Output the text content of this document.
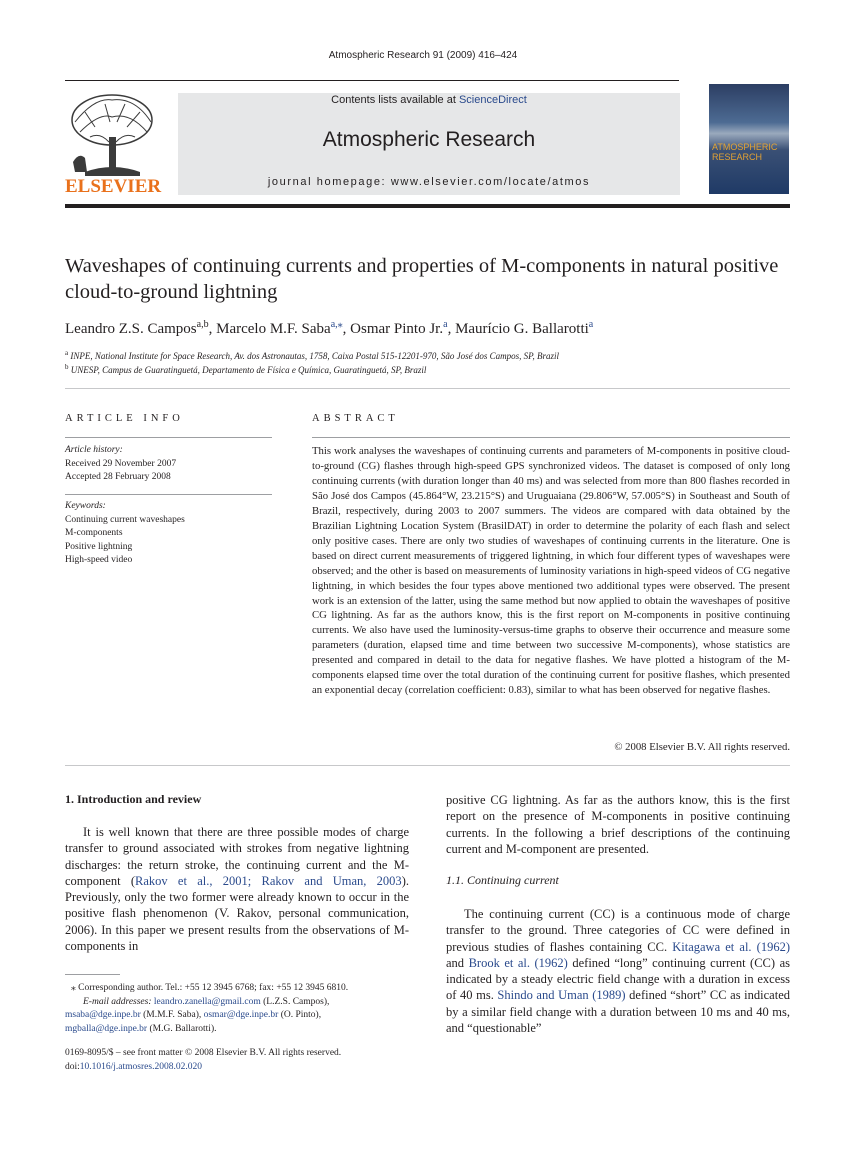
Atmospheric Research 91 (2009) 416–424
ELSEVIER
Contents lists available at ScienceDirect
Atmospheric Research
journal homepage: www.elsevier.com/locate/atmos
ATMOSPHERIC
RESEARCH
Waveshapes of continuing currents and properties of M-components in natural positive cloud-to-ground lightning
Leandro Z.S. Campos$^{a,b}$, Marcelo M.F. Saba$^{a,⁎}$, Osmar Pinto Jr.$^a$, Maurício G. Ballarotti$^a$
$^a$ INPE, National Institute for Space Research, Av. dos Astronautas, 1758, Caixa Postal 515-12201-970, São José dos Campos, SP, Brazil
$^b$ UNESP, Campus de Guaratinguetá, Departamento de Física e Química, Guaratinguetá, SP, Brazil
ARTICLE INFO	ABSTRACT
Article history:
Received 29 November 2007
Accepted 28 February 2008
Keywords:
Continuing current waveshapes
M-components
Positive lightning
High-speed video
This work analyses the waveshapes of continuing currents and parameters of M-components in positive cloud-to-ground (CG) flashes through high-speed GPS synchronized videos. The dataset is composed of only long continuing currents (with duration longer than 40 ms) and was selected from more than 800 flashes recorded in São José dos Campos (45.864°W, 23.215°S) and Uruguaiana (29.806°W, 57.005°S) in Southeast and South of Brazil, respectively, during 2003 to 2007 summers. The videos are compared with data obtained by the Brazilian Lightning Location System (BrasilDAT) in order to determine the polarity of each flash and select only positive cases. There are only two studies of waveshapes of continuing currents in the literature. One is based on direct current measurements of triggered lightning, in which four different types of waveshapes were observed; and the other is based on measurements of luminosity variations in high-speed videos of CG negative lightning, in which besides the four types above mentioned two additional types were observed. The present work is an extension of the latter, using the same method but now applied to obtain the waveshapes of positive CG lightning. As far as the authors know, this is the first report on M-components in positive continuing currents. We also have used the luminosity-versus-time graphs to observe their occurrence and measure some parameters (duration, elapsed time and time between two successive M-components), whose statistics are presented and compared in detail to the data for negative flashes. We have plotted a histogram of the M-components elapsed time over the total duration of the continuing current for positive flashes, which presented an exponential decay (correlation coefficient: 0.83), similar to what has been observed for negative flashes.
© 2008 Elsevier B.V. All rights reserved.
1. Introduction and review
It is well known that there are three possible modes of charge transfer to ground associated with strokes from negative lightning discharges: the return stroke, the continuing current and the M-component (Rakov et al., 2001; Rakov and Uman, 2003). Previously, only the two former were already known to occur in the positive flash phenomenon (V. Rakov, personal communication, 2006). In this paper we present results from the observations of M-components in
positive CG lightning. As far as the authors know, this is the first report on the presence of M-components in positive continuing currents. In the following a brief descriptions of the continuing current and M-component are presented.
1.1. Continuing current
The continuing current (CC) is a continuous mode of charge transfer to the ground. Three categories of CC were defined in previous studies of flashes containing CC. Kitagawa et al. (1962) and Brook et al. (1962) defined “long” continuing current (CC) as indicated by a steady electric field change with a duration in excess of 40 ms. Shindo and Uman (1989) defined “short” CC as indicated by a similar field change with a duration between 10 ms and 40 ms, and “questionable”
⁎ Corresponding author. Tel.: +55 12 3945 6768; fax: +55 12 3945 6810.
E-mail addresses: leandro.zanella@gmail.com (L.Z.S. Campos),
msaba@dge.inpe.br (M.M.F. Saba), osmar@dge.inpe.br (O. Pinto),
mgballa@dge.inpe.br (M.G. Ballarotti).
0169-8095/$ – see front matter © 2008 Elsevier B.V. All rights reserved.
doi:10.1016/j.atmosres.2008.02.020
